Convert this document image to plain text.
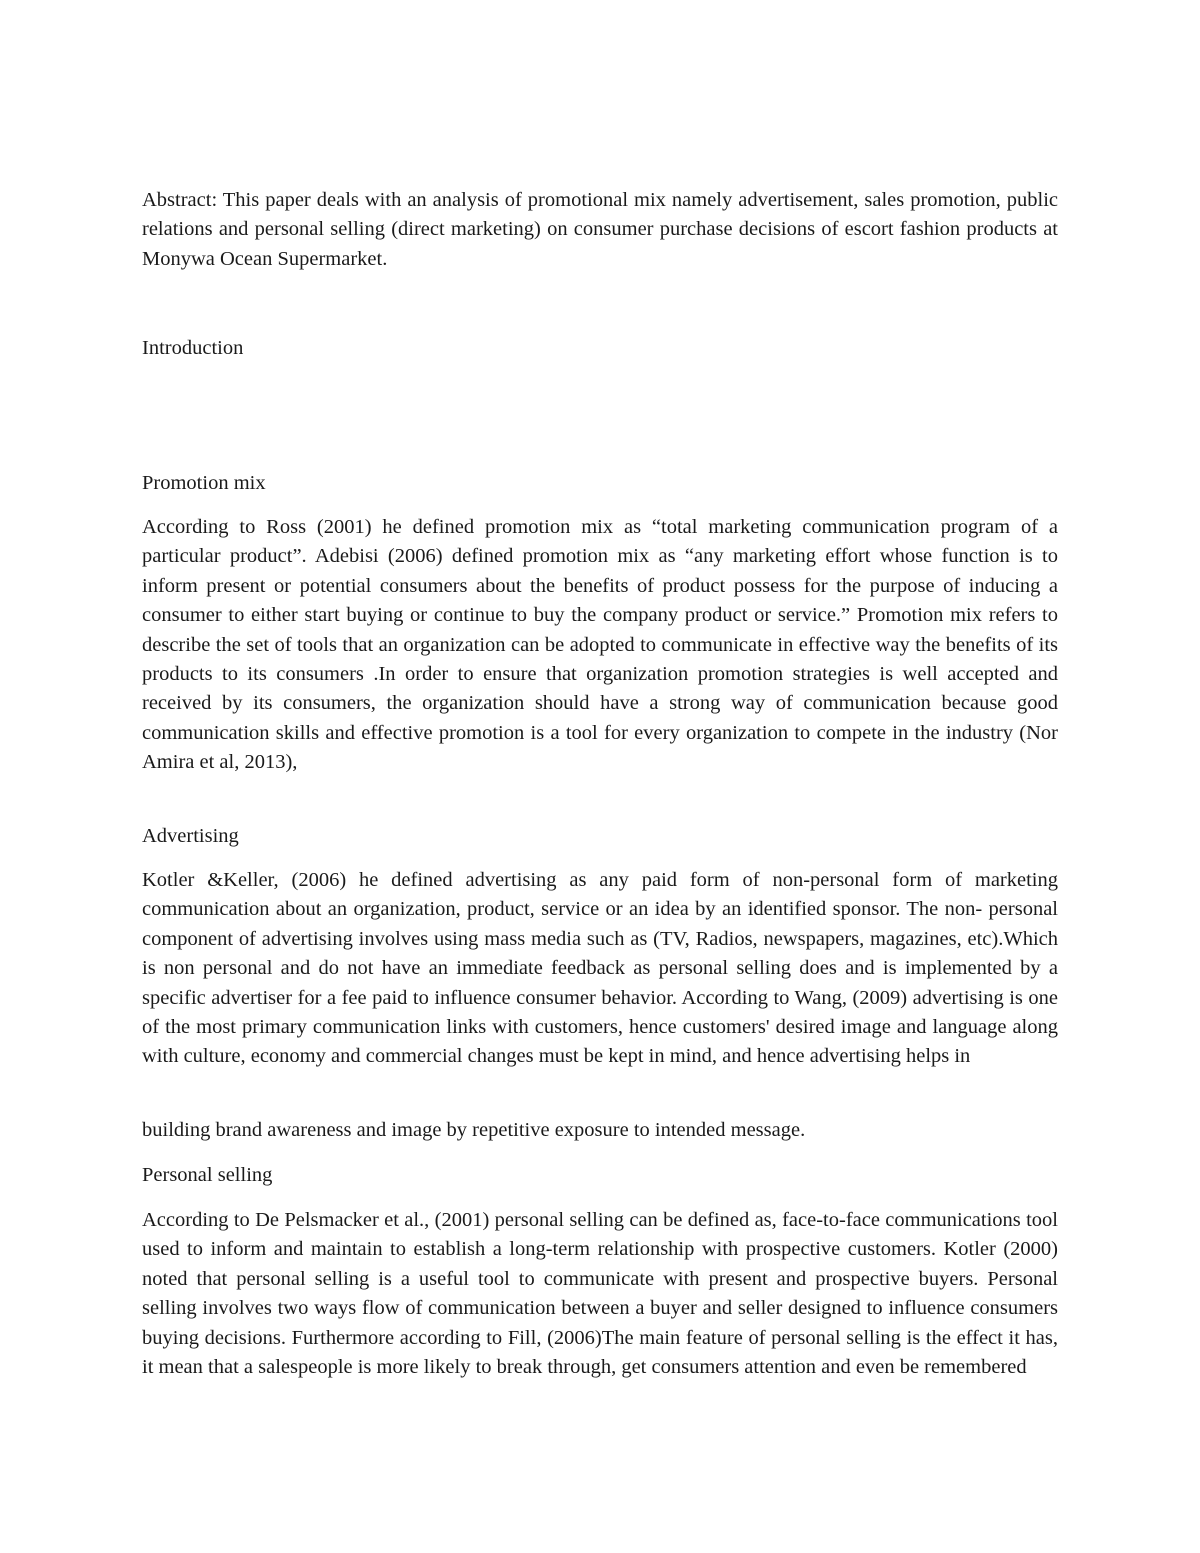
Abstract: This paper deals with an analysis of promotional mix namely advertisement, sales promotion, public relations and personal selling (direct marketing) on consumer purchase decisions of escort fashion products at Monywa Ocean Supermarket.

Introduction
Promotion mix

According to Ross (2001) he defined promotion mix as “total marketing communication program of a particular product”. Adebisi (2006) defined promotion mix as “any marketing effort whose function is to inform present or potential consumers about the benefits of product possess for the purpose of inducing a consumer to either start buying or continue to buy the company product or service.” Promotion mix refers to describe the set of tools that an organization can be adopted to communicate in effective way the benefits of its products to its consumers .In order to ensure that organization promotion strategies is well accepted and received by its consumers, the organization should have a strong way of communication because good communication skills and effective promotion is a tool for every organization to compete in the industry (Nor Amira et al, 2013),

Advertising

Kotler &Keller, (2006) he defined advertising as any paid form of non-personal form of marketing communication about an organization, product, service or an idea by an identified sponsor. The non- personal component of advertising involves using mass media such as (TV, Radios, newspapers, magazines, etc).Which is non personal and do not have an immediate feedback as personal selling does and is implemented by a specific advertiser for a fee paid to influence consumer behavior. According to Wang, (2009) advertising is one of the most primary communication links with customers, hence customers' desired image and language along with culture, economy and commercial changes must be kept in mind, and hence advertising helps in

building brand awareness and image by repetitive exposure to intended message.

Personal selling

According to De Pelsmacker et al., (2001) personal selling can be defined as, face-to-face communications tool used to inform and maintain to establish a long-term relationship with prospective customers. Kotler (2000) noted that personal selling is a useful tool to communicate with present and prospective buyers. Personal selling involves two ways flow of communication between a buyer and seller designed to influence consumers buying decisions. Furthermore according to Fill, (2006)The main feature of personal selling is the effect it has, it mean that a salespeople is more likely to break through, get consumers attention and even be remembered
